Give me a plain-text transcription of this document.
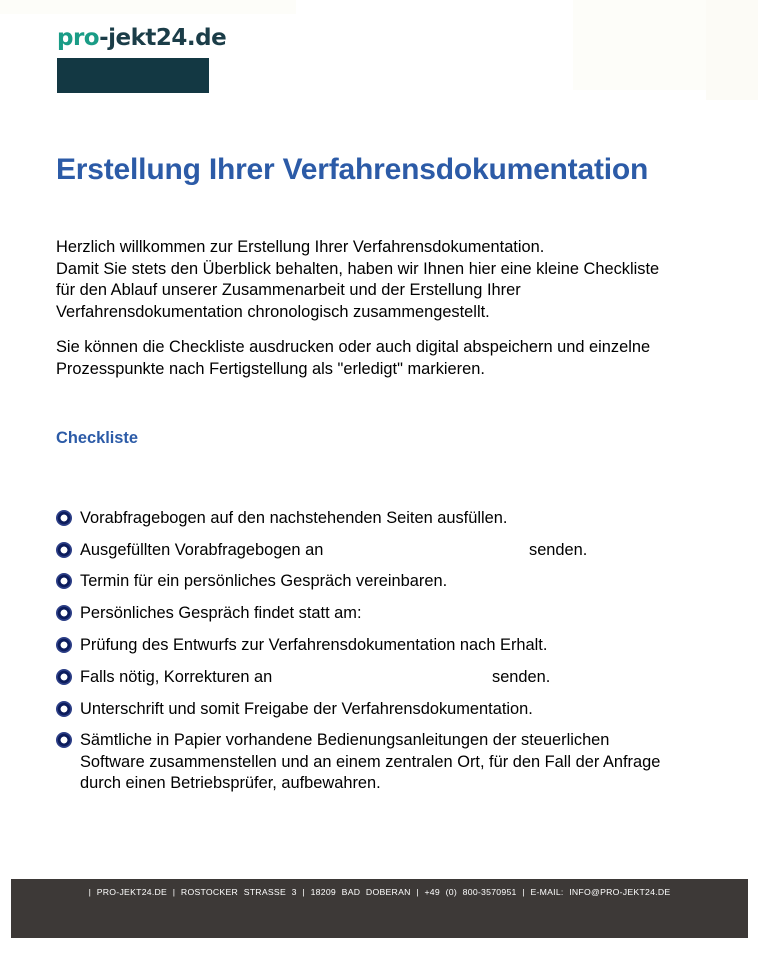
pro-jekt24.de
Erstellung Ihrer Verfahrensdokumentation

Herzlich willkommen zur Erstellung Ihrer Verfahrensdokumentation.

Damit Sie stets den Überblick behalten, haben wir Ihnen hier eine kleine Checkliste

für den Ablauf unserer Zusammenarbeit und der Erstellung Ihrer

Verfahrensdokumentation chronologisch zusammengestellt.

Sie können die Checkliste ausdrucken oder auch digital abspeichern und einzelne

Prozesspunkte nach Fertigstellung als "erledigt" markieren.

Checkliste
Vorabfragebogen auf den nachstehenden Seiten ausfüllen.
Ausgefüllten Vorabfragebogen an	senden.
Termin für ein persönliches Gespräch vereinbaren.
Persönliches Gespräch findet statt am:
Prüfung des Entwurfs zur Verfahrensdokumentation nach Erhalt.
Falls nötig, Korrekturen an	senden.
Unterschrift und somit Freigabe der Verfahrensdokumentation.

Sämtliche in Papier vorhandene Bedienungsanleitungen der steuerlichen

Software zusammenstellen und an einem zentralen Ort, für den Fall der Anfrage

durch einen Betriebsprüfer, aufbewahren.

| PRO-JEKT24.DE | ROSTOCKER STRASSE 3 | 18209 BAD DOBERAN | +49 (0) 800-3570951 | E-MAIL: INFO@PRO-JEKT24.DE
